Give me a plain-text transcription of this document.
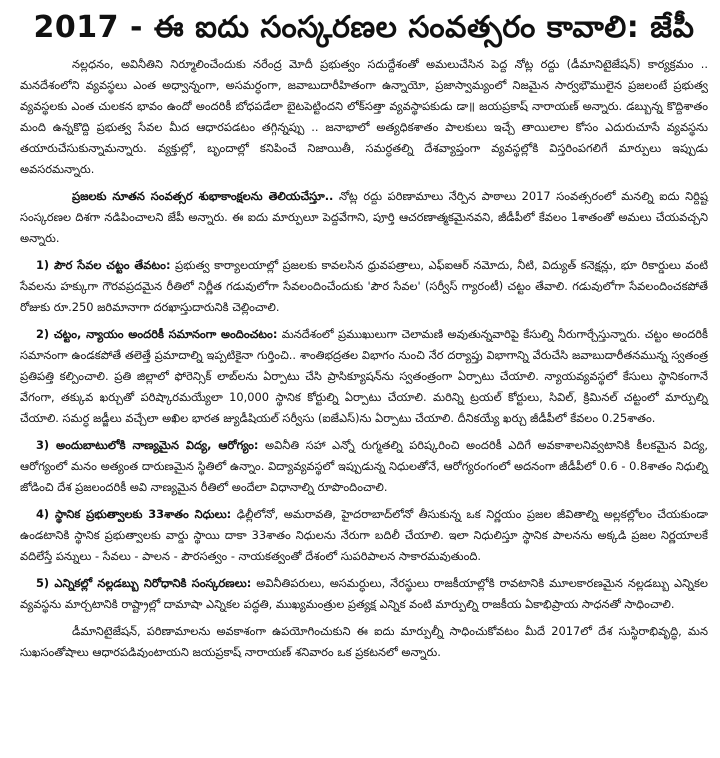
2017 - ఈ ఐదు సంస్కరణల సంవత్సరం కావాలి: జేపీ

నల్లధనం, అవినీతిని నిర్మూలించేందుకు నరేంద్ర మోదీ ప్రభుత్వం సదుద్దేశంతో అమలుచేసిన పెద్ద నోట్ల రద్దు (డీమానిటైజేషన్) కార్యక్రమం .. మనదేశంలోని వ్యవస్థలు ఎంత అధ్వాన్నంగా, అసమర్ధంగా, జవాబుదారీహితంగా ఉన్నాయో, ప్రజాస్వామ్యంలో నిజమైన సార్వభౌములైన ప్రజలంటే ప్రభుత్వ వ్యవస్థలకు ఎంత చులకన భావం ఉందో అందరికీ బోధపడేలా బైటపెట్టిందని లోక్‌సత్తా వ్యవస్థాపకుడు డా॥ జయప్రకాష్ నారాయణ్ అన్నారు. డబ్బున్న కొద్దిశాతం మంది ఉన్నకొద్ది ప్రభుత్వ సేవల మీద ఆధారపడటం తగ్గిన్నప్పు .. జనాభాలో అత్యధికశాతం పాలకులు ఇచ్చే తాయిలాల కోసం ఎదురుచూసే వ్యవస్థను తయారుచేసుకున్నామన్నారు. వ్యక్తుల్లో, బృందాల్లో కనిపించే నిజాయితీ, సమర్ధతల్ని దేశవ్యాప్తంగా వ్యవస్థల్లోకి విస్తరింపగలిగే మార్పులు ఇప్పుడు అవసరమన్నారు.

ప్రజలకు నూతన సంవత్సర శుభాకాంక్షలను తెలియచేస్తూ.. నోట్ల రద్దు పరిణామాలు నేర్పిన పాఠాలు 2017 సంవత్సరంలో మనల్ని ఐదు నిర్దిష్ట సంస్కరణల దిశగా నడిపించాలని జేపీ అన్నారు. ఈ ఐదు మార్పులూ పెద్దవేగాని, పూర్తి ఆచరణాత్మకమైనవని, జీడీపీలో కేవలం 1శాతంతో అమలు చేయవచ్చని అన్నారు.

1) పౌర సేవల చట్టం తేవటం: ప్రభుత్వ కార్యాలయాల్లో ప్రజలకు కావలసిన ధ్రువపత్రాలు, ఎఫ్‌ఐఆర్ నమోదు, నీటి, విద్యుత్ కనెక్షన్లు, భూ రికార్డులు వంటి సేవలను హక్కుగా గౌరవప్రదమైన రీతిలో నిర్ణీత గడువులోగా సేవలందించేందుకు 'పౌర సేవల' (సర్వీస్ గ్యారంటీ) చట్టం తేవాలి. గడువులోగా సేవలందించకపోతే రోజుకు రూ.250 జరిమానాగా దరఖాస్తుదారునికి చెల్లించాలి.

2) చట్టం, న్యాయం అందరికీ సమానంగా అందించటం: మనదేశంలో ప్రముఖులుగా చెలామణి అవుతున్నవారిపై కేసుల్ని నీరుగార్చేస్తున్నారు. చట్టం అందరికీ సమానంగా ఉండకపోతే తలెత్తే ప్రమాదాల్ని ఇప్పటికైనా గుర్తించి.. శాంతిభద్రతల విభాగం నుంచి నేర దర్యాప్తు విభాగాన్ని వేరుచేసి జవాబుదారీతనమున్న స్వతంత్ర ప్రతిపత్తి కల్పించాలి. ప్రతి జిల్లాలో ఫోరెన్సిక్ లాబ్‌లను ఏర్పాటు చేసి ప్రాసిక్యూషన్‌ను స్వతంత్రంగా ఏర్పాటు చేయాలి. న్యాయవ్యవస్థలో కేసులు స్థానికంగానే వేగంగా, తక్కువ ఖర్చుతో పరిష్కారమయ్యేలా 10,000 స్థానిక కోర్టుల్ని ఏర్పాటు చేయాలి. మరిన్ని ట్రయల్ కోర్టులు, సివిల్, క్రిమినల్ చట్టంలో మార్పుల్ని చేయాలి. సమర్ధ జడ్జీలు వచ్చేలా అఖిల భారత జ్యుడీషియల్ సర్వీసు (ఐజేఎస్)ను ఏర్పాటు చేయాలి. దీనికయ్యే ఖర్చు జీడీపీలో కేవలం 0.25శాతం.

3) అందుబాటులోకి నాణ్యమైన విద్య, ఆరోగ్యం: అవినీతి సహా ఎన్నో రుగ్మతల్ని పరిష్కరించి అందరికీ ఎదిగే అవకాశాలనివ్వటానికి కీలకమైన విద్య, ఆరోగ్యంలో మనం అత్యంత దారుణమైన స్థితిలో ఉన్నాం. విద్యావ్యవస్థలో ఇప్పుడున్న నిధులతోనే, ఆరోగ్యరంగంలో అదనంగా జీడీపీలో 0.6 - 0.8శాతం నిధుల్ని జోడించి దేశ ప్రజలందరికీ అవి నాణ్యమైన రీతిలో అందేలా విధానాల్ని రూపొందించాలి.

4) స్థానిక ప్రభుత్వాలకు 33శాతం నిధులు: ఢిల్లీలోనో, అమరావతి, హైదరాబాద్‌లోనో తీసుకున్న ఒక నిర్ణయం ప్రజల జీవితాల్ని అల్లకల్లోలం చేయకుండా ఉండటానికి స్థానిక ప్రభుత్వాలకు వార్డు స్థాయి దాకా 33శాతం నిధులను నేరుగా బదిలీ చేయాలి. ఇలా నిధులిస్తూ స్థానిక పాలనను అక్కడి ప్రజల నిర్ణయాలకే వదిలేస్తే పన్నులు - సేవలు - పాలన - పౌరసత్వం - నాయకత్వంతో దేశంలో సుపరిపాలన సాకారమవుతుంది.

5) ఎన్నికల్లో నల్లడబ్బు నిరోధానికి సంస్కరణలు: అవినీతిపరులు, అసమర్ధులు, నేరస్థులు రాజకీయాల్లోకి రావటానికి మూలకారణమైన నల్లడబ్బు ఎన్నికల వ్యవస్థను మార్చటానికి రాష్ట్రాల్లో దామాషా ఎన్నికల పద్ధతి, ముఖ్యమంత్రుల ప్రత్యక్ష ఎన్నిక వంటి మార్పుల్ని రాజకీయ ఏకాభిప్రాయ సాధనతో సాధించాలి.

డీమానిటైజేషన్, పరిణామాలను అవకాశంగా ఉపయోగించుకుని ఈ ఐదు మార్పుల్నీ సాధించుకోవటం మీదే 2017లో దేశ సుస్థిరాభివృద్ధి, మన సుఖసంతోషాలు ఆధారపడివుంటాయని జయప్రకాష్ నారాయణ్ శనివారం ఒక ప్రకటనలో అన్నారు.
